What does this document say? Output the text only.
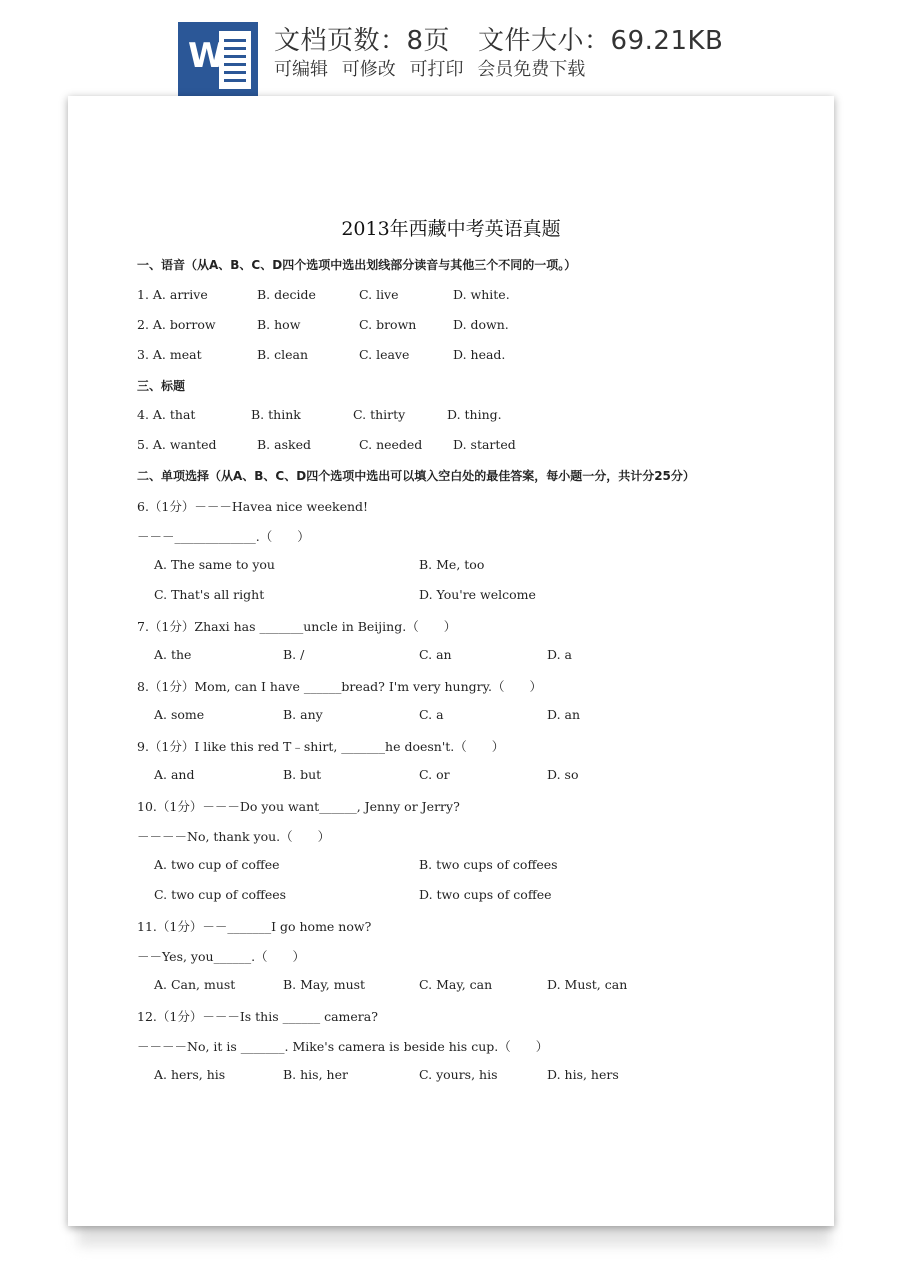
W 文档页数：8页 文件大小：69.21KB
可编辑 可修改 可打印 会员免费下载
2013年西藏中考英语真题
一、语音（从A、B、C、D四个选项中选出划线部分读音与其他三个不同的一项。）
1. A. arrive	B. decide	C. live	D. white.
2. A. borrow	B. how	C. brown	D. down.
3. A. meat	B. clean	C. leave	D. head.
三、标题
4. A. that	B. think	C. thirty	D. thing.
5. A. wanted	B. asked	C. needed D. started
二、单项选择（从A、B、C、D四个选项中选出可以填入空白处的最佳答案，每小题一分，共计分25分）
6.（1分）－－－Havea nice weekend!
－－－_____________.（　　）
A. The same to you	B. Me, too
C. That's all right	D. You're welcome
7.（1分）Zhaxi has _______uncle in Beijing.（　　）
A. the	B. /	C. an	D. a
8.（1分）Mom, can I have ______bread? I'm very hungry.（　　）
A. some	B. any	C. a	D. an
9.（1分）I like this red T﹣shirt, _______he doesn't.（　　）
A. and	B. but	C. or	D. so
10.（1分）－－－Do you want______, Jenny or Jerry?
－－－－No, thank you.（　　）
A. two cup of coffee	B. two cups of coffees
C. two cup of coffees	D. two cups of coffee
11.（1分）－－_______I go home now?
－－Yes, you______.（　　）
A. Can, must	B. May, must	C. May, can	D. Must, can
12.（1分）－－－Is this ______ camera?
－－－－No, it is _______. Mike's camera is beside his cup.（　　）
A. hers, his	B. his, her	C. yours, his	D. his, hers
